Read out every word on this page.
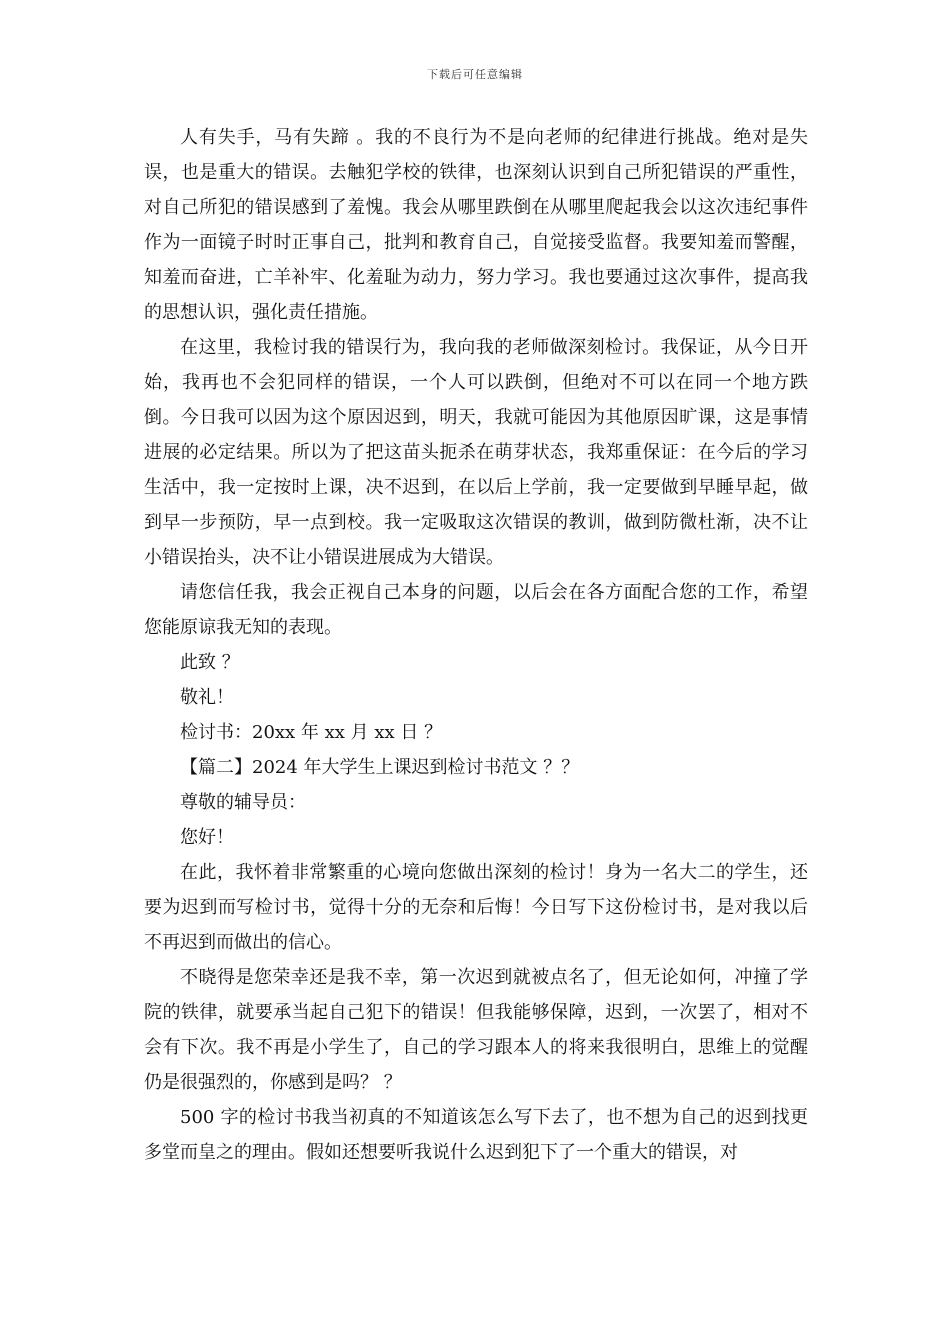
下载后可任意编辑

人有失手，马有失蹄 。我的不良行为不是向老师的纪律进行挑战。绝对是失误，也是重大的错误。去触犯学校的铁律，也深刻认识到自己所犯错误的严重性，对自己所犯的错误感到了羞愧。我会从哪里跌倒在从哪里爬起我会以这次违纪事件作为一面镜子时时正事自己，批判和教育自己，自觉接受监督。我要知羞而警醒，知羞而奋进，亡羊补牢、化羞耻为动力，努力学习。我也要通过这次事件，提高我的思想认识，强化责任措施。

在这里，我检讨我的错误行为，我向我的老师做深刻检讨。我保证，从今日开始，我再也不会犯同样的错误，一个人可以跌倒，但绝对不可以在同一个地方跌倒。今日我可以因为这个原因迟到，明天，我就可能因为其他原因旷课，这是事情进展的必定结果。所以为了把这苗头扼杀在萌芽状态，我郑重保证：在今后的学习生活中，我一定按时上课，决不迟到，在以后上学前，我一定要做到早睡早起，做到早一步预防，早一点到校。我一定吸取这次错误的教训，做到防微杜渐，决不让小错误抬头，决不让小错误进展成为大错误。

请您信任我，我会正视自己本身的问题，以后会在各方面配合您的工作，希望您能原谅我无知的表现。

此致 ？

敬礼！

检讨书：20xx 年 xx 月 xx 日 ？

【篇二】2024 年大学生上课迟到检讨书范文 ？？

尊敬的辅导员：

您好！

在此，我怀着非常繁重的心境向您做出深刻的检讨！身为一名大二的学生，还要为迟到而写检讨书，觉得十分的无奈和后悔！今日写下这份检讨书，是对我以后不再迟到而做出的信心。

不晓得是您荣幸还是我不幸，第一次迟到就被点名了，但无论如何，冲撞了学院的铁律，就要承当起自己犯下的错误！但我能够保障，迟到，一次罢了，相对不会有下次。我不再是小学生了，自己的学习跟本人的将来我很明白，思维上的觉醒仍是很强烈的，你感到是吗？ ？

500 字的检讨书我当初真的不知道该怎么写下去了，也不想为自己的迟到找更多堂而皇之的理由。假如还想要听我说什么迟到犯下了一个重大的错误，对
